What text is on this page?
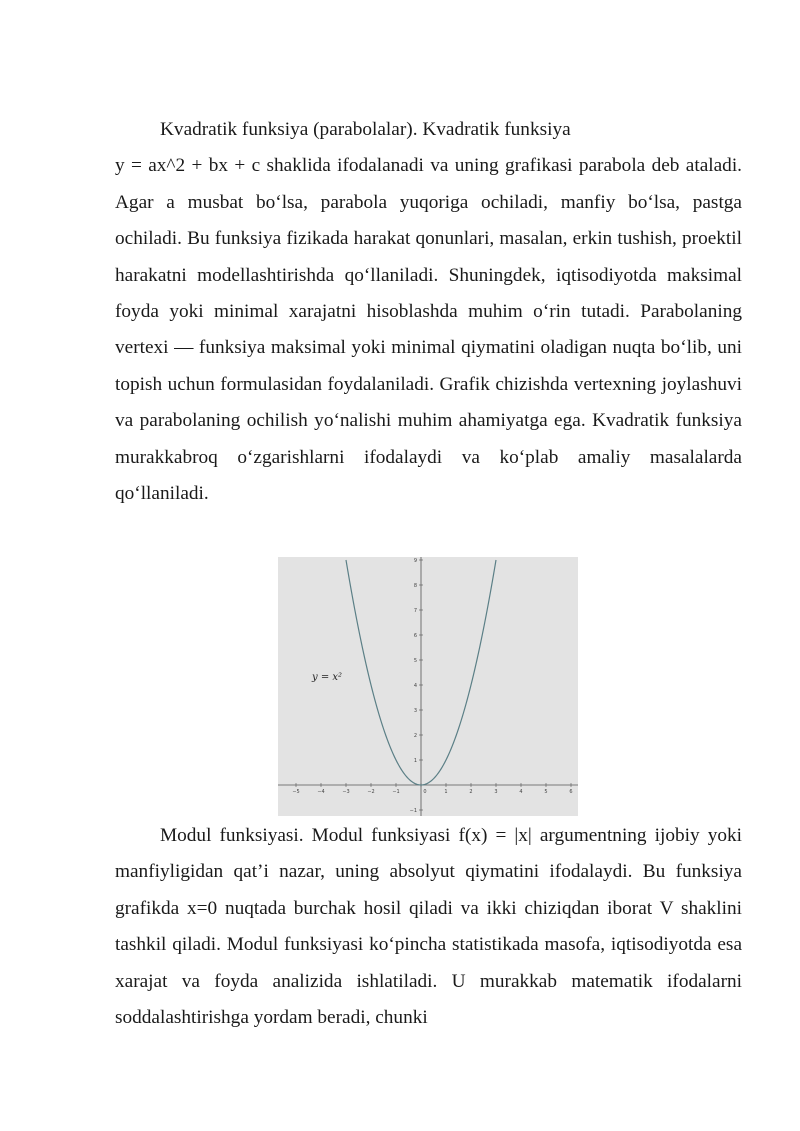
Kvadratik funksiya (parabolalar). Kvadratik funksiya
y = ax^2 + bx + c shaklida ifodalanadi va uning grafikasi parabola deb ataladi. Agar a musbat bo‘lsa, parabola yuqoriga ochiladi, manfiy bo‘lsa, pastga ochiladi. Bu funksiya fizikada harakat qonunlari, masalan, erkin tushish, proektil harakatni modellashtirishda qo‘llaniladi. Shuningdek, iqtisodiyotda maksimal foyda yoki minimal xarajatni hisoblashda muhim o‘rin tutadi. Parabolaning vertexi — funksiya maksimal yoki minimal qiymatini oladigan nuqta bo‘lib, uni topish uchun formulasidan foydalaniladi. Grafik chizishda vertexning joylashuvi va parabolaning ochilish yo‘nalishi muhim ahamiyatga ega. Kvadratik funksiya murakkabroq o‘zgarishlarni ifodalaydi va ko‘plab amaliy masalalarda qo‘llaniladi.

−5	−4	−3	−2	−1	0	1	2	3	4	5	6
−1
1
2
3
4
5
6
7
8
9
y = x²

Modul funksiyasi. Modul funksiyasi f(x) = |x| argumentning ijobiy yoki manfiyligidan qat’i nazar, uning absolyut qiymatini ifodalaydi. Bu funksiya grafikda x=0 nuqtada burchak hosil qiladi va ikki chiziqdan iborat V shaklini tashkil qiladi. Modul funksiyasi ko‘pincha statistikada masofa, iqtisodiyotda esa xarajat va foyda analizida ishlatiladi. U murakkab matematik ifodalarni soddalashtirishga yordam beradi, chunki
